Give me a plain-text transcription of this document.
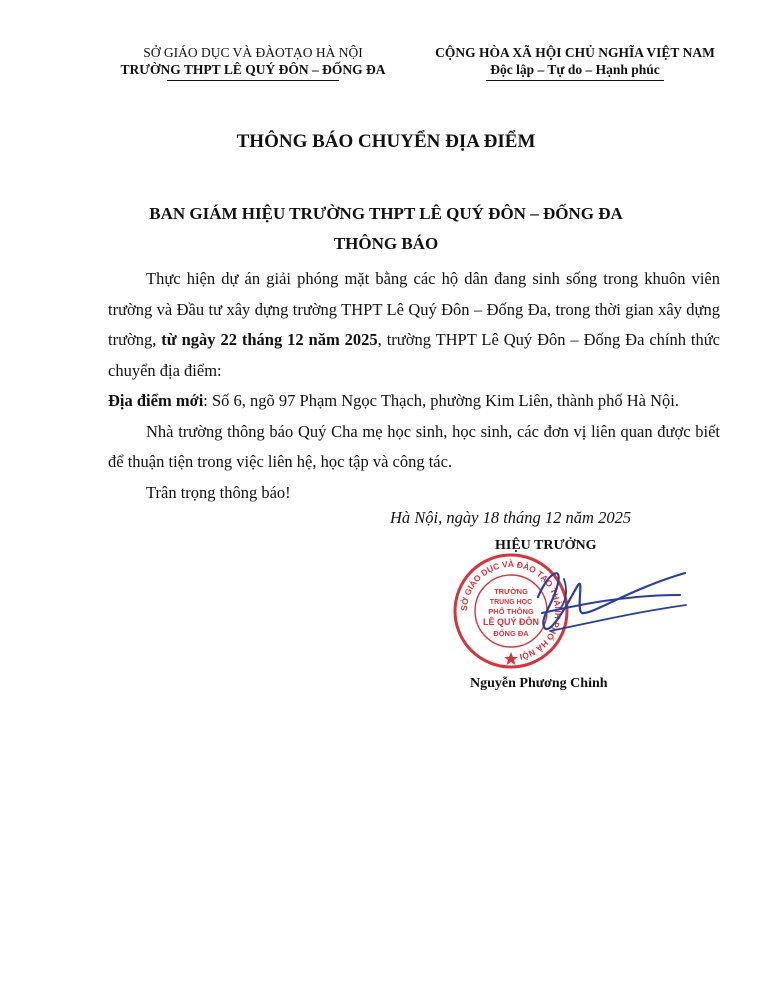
SỞ GIÁO DỤC VÀ ĐÀOTẠO HÀ NỘI
TRƯỜNG THPT LÊ QUÝ ĐÔN – ĐỐNG ĐA
CỘNG HÒA XÃ HỘI CHỦ NGHĨA VIỆT NAM
Độc lập – Tự do – Hạnh phúc
THÔNG BÁO CHUYỂN ĐỊA ĐIỂM
BAN GIÁM HIỆU TRƯỜNG THPT LÊ QUÝ ĐÔN – ĐỐNG ĐA
THÔNG BÁO

Thực hiện dự án giải phóng mặt bằng các hộ dân đang sinh sống trong khuôn viên trường và Đầu tư xây dựng trường THPT Lê Quý Đôn – Đống Đa, trong thời gian xây dựng trường, từ ngày 22 tháng 12 năm 2025, trường THPT Lê Quý Đôn – Đống Đa chính thức chuyển địa điểm:

Địa điểm mới: Số 6, ngõ 97 Phạm Ngọc Thạch, phường Kim Liên, thành phố Hà Nội.

Nhà trường thông báo Quý Cha mẹ học sinh, học sinh, các đơn vị liên quan được biết để thuận tiện trong việc liên hệ, học tập và công tác.

Trân trọng thông báo!

Hà Nội, ngày 18 tháng 12 năm 2025
HIỆU TRƯỞNG
SỞ GIÁO DỤC VÀ ĐÀO TẠO THÀNH PHỐ HÀ NỘI
TRƯỜNG
TRUNG HỌC
PHỔ THÔNG
LÊ QUÝ ĐÔN
ĐỐNG ĐA
Nguyễn Phương Chinh
